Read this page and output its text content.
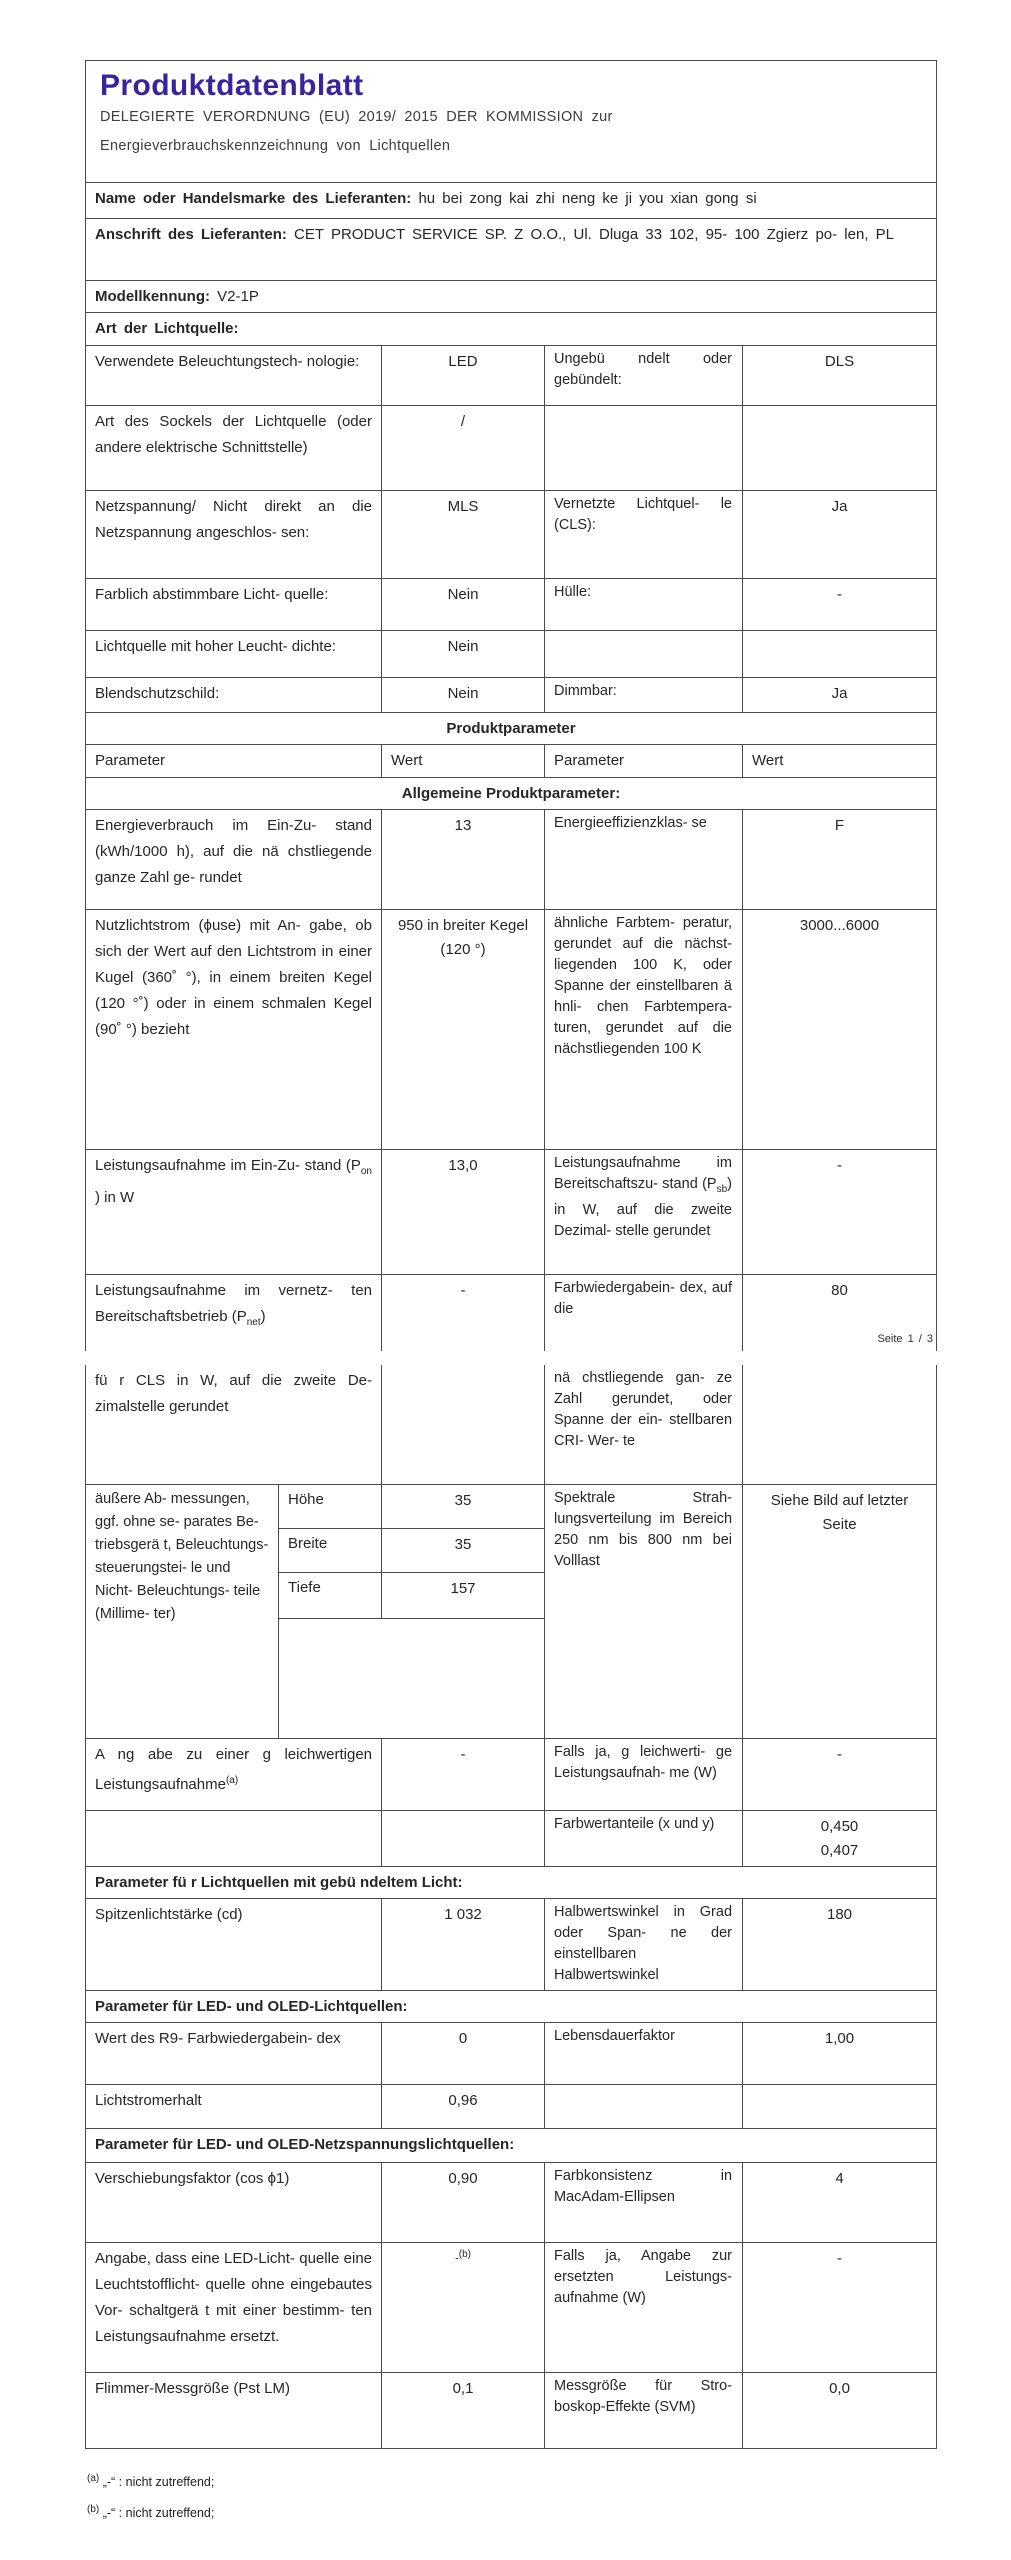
Produktdatenblatt
DELEGIERTE VERORDNUNG (EU) 2019/ 2015 DER KOMMISSION zur
Energieverbrauchskennzeichnung von Lichtquellen			

Name oder Handelsmarke des Lieferanten: hu bei zong kai zhi neng ke ji you xian gong si			
Anschrift des Lieferanten: CET PRODUCT SERVICE SP. Z O.O., Ul. Dluga 33 102, 95- 100 Zgierz po- len, PL			
Modellkennung: V2-1P			
Art der Lichtquelle:			
Verwendete Beleuchtungstech- nologie:	LED	Ungebü ndelt oder gebündelt:	DLS
Art des Sockels der Lichtquelle (oder andere elektrische Schnittstelle)	/		
Netzspannung/ Nicht direkt an die Netzspannung angeschlos- sen:	MLS	Vernetzte Lichtquel- le (CLS):	Ja
Farblich abstimmbare Licht- quelle:	Nein	Hülle:	-
Lichtquelle mit hoher Leucht- dichte:	Nein		
Blendschutzschild:	Nein	Dimmbar:	Ja
Produktparameter			
Parameter	Wert	Parameter	Wert
Allgemeine Produktparameter:			
Energieverbrauch im Ein-Zu- stand (kWh/1000 h), auf die nä chstliegende ganze Zahl ge- rundet	13	Energieeffizienzklas- se	F
Nutzlichtstrom (ϕuse) mit An- gabe, ob sich der Wert auf den Lichtstrom in einer Kugel (360˚ °), in einem breiten Kegel (120 °˚) oder in einem schmalen Kegel (90˚ °) bezieht	950 in breiter Kegel (120 °)	ähnliche Farbtem- peratur, gerundet auf die nächst- liegenden 100 K, oder Spanne der einstellbaren ä hnli- chen Farbtempera- turen, gerundet auf die nächstliegenden 100 K	3000...6000
Leistungsaufnahme im Ein-Zu- stand ($P_{on}$ ) in W	13,0	Leistungsaufnahme im Bereitschaftszu- stand $(P_{sb})$ in W, auf die zweite Dezimal- stelle gerundet	-
Leistungsaufnahme im vernetz- ten Bereitschaftsbetrieb $(P_{net})$	-	Farbwiedergabein- dex, auf die	80
Seite 1 / 3
fü r CLS in W, auf die zweite De- zimalstelle gerundet			nä chstliegende gan- ze Zahl gerundet, oder Spanne der ein- stellbaren CRI- Wer- te	
äußere Ab- messungen, ggf. ohne se- parates Be- triebsgerä t, Beleuchtungs- steuerungstei- le und Nicht- Beleuchtungs- teile (Millime- ter)	Höhe	35	Spektrale Strah- lungsverteilung im Bereich 250 nm bis 800 nm bei Volllast	Siehe Bild auf letzter Seite
	Breite	35		
	Tiefe	157		

A ng abe zu einer g leichwertigen Leistungsaufnahme$^{(a)}$		-	Falls ja, g leichwerti- ge Leistungsaufnah- me (W)	-
			Farbwertanteile (x und y)	0,450
0,407
Parameter fü r Lichtquellen mit gebü ndeltem Licht:				
Spitzenlichtstärke (cd)		1 032	Halbwertswinkel in Grad oder Span- ne der einstellbaren Halbwertswinkel	180
Parameter für LED- und OLED-Lichtquellen:				
Wert des R9- Farbwiedergabein- dex		0	Lebensdauerfaktor	1,00
Lichtstromerhalt		0,96		
Parameter für LED- und OLED-Netzspannungslichtquellen:				
Verschiebungsfaktor (cos ϕ1)		0,90	Farbkonsistenz in MacAdam-Ellipsen	4
Angabe, dass eine LED-Licht- quelle eine Leuchtstofflicht- quelle ohne eingebautes Vor- schaltgerä t mit einer bestimm- ten Leistungsaufnahme ersetzt.		-$^{(b)}$	Falls ja, Angabe zur ersetzten Leistungs- aufnahme (W)	-
Flimmer-Messgröße (Pst LM)		0,1	Messgröße für Stro- boskop-Effekte (SVM)	0,0
$^{(a)}$ „-“ : nicht zutreffend;
$^{(b)}$ „-“ : nicht zutreffend;
